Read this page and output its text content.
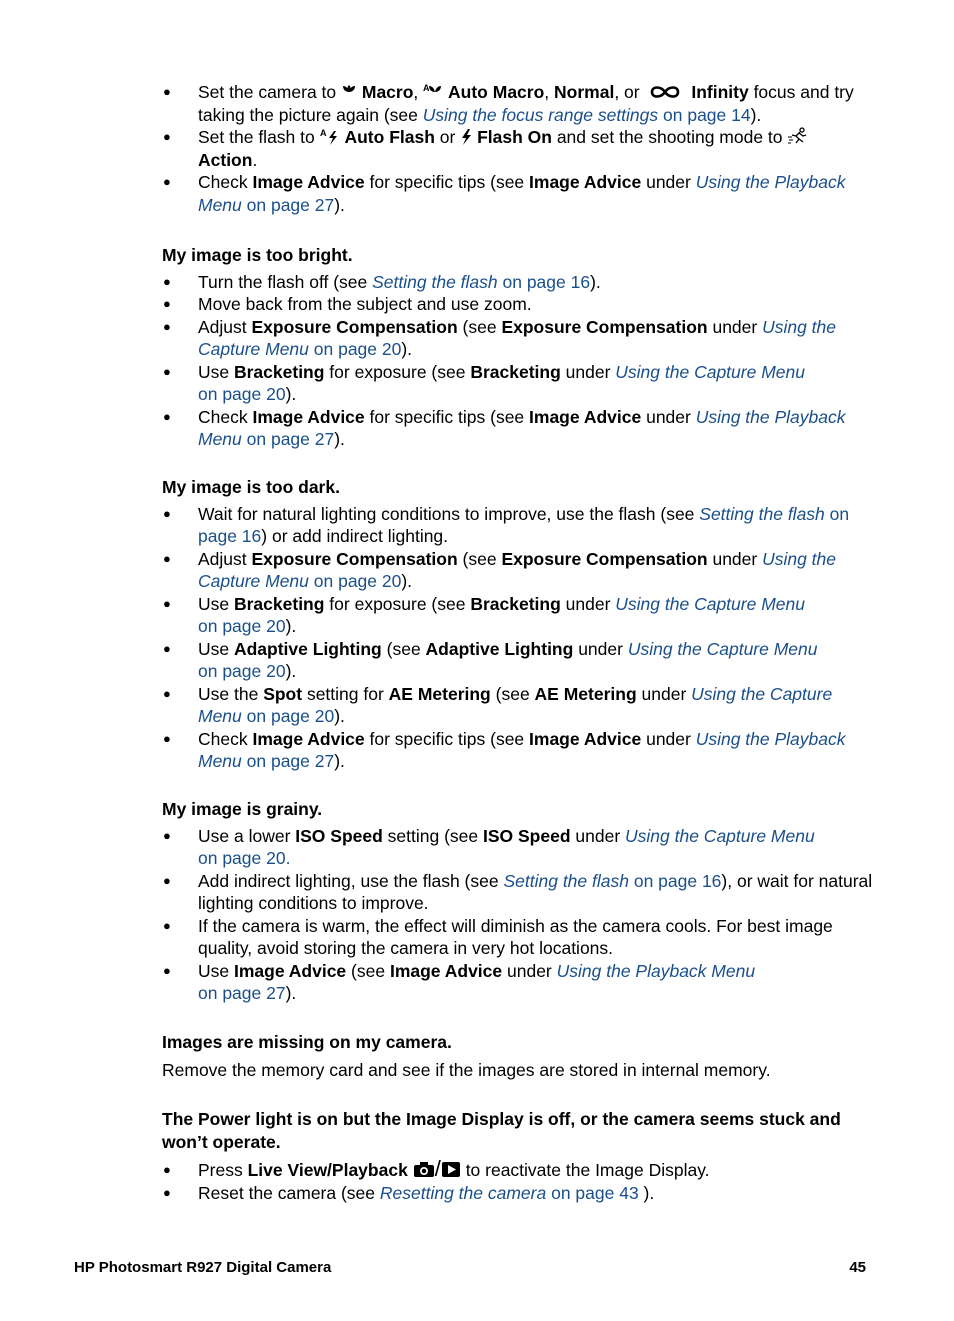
● Set the camera to  Macro, A Auto Macro, Normal, or	Infinity focus and try taking the picture again (see Using the focus range settings on page 14).
● Set the flash to A Auto Flash or  Flash On and set the shooting mode to
Action.
● Check Image Advice for specific tips (see Image Advice under Using the Playback Menu on page 27).
My image is too bright.
● Turn the flash off (see Setting the flash on page 16).
● Move back from the subject and use zoom.
● Adjust Exposure Compensation (see Exposure Compensation under Using the Capture Menu on page 20).
● Use Bracketing for exposure (see Bracketing under Using the Capture Menu
on page 20).
● Check Image Advice for specific tips (see Image Advice under Using the Playback Menu on page 27).
My image is too dark.
● Wait for natural lighting conditions to improve, use the flash (see Setting the flash on page 16) or add indirect lighting.
● Adjust Exposure Compensation (see Exposure Compensation under Using the Capture Menu on page 20).
● Use Bracketing for exposure (see Bracketing under Using the Capture Menu
on page 20).
● Use Adaptive Lighting (see Adaptive Lighting under Using the Capture Menu
on page 20).
● Use the Spot setting for AE Metering (see AE Metering under Using the Capture Menu on page 20).
● Check Image Advice for specific tips (see Image Advice under Using the Playback Menu on page 27).
My image is grainy.
● Use a lower ISO Speed setting (see ISO Speed under Using the Capture Menu
on page 20.
● Add indirect lighting, use the flash (see Setting the flash on page 16), or wait for natural lighting conditions to improve.
● If the camera is warm, the effect will diminish as the camera cools. For best image quality, avoid storing the camera in very hot locations.
● Use Image Advice (see Image Advice under Using the Playback Menu
on page 27).
Images are missing on my camera.

Remove the memory card and see if the images are stored in internal memory.

The Power light is on but the Image Display is off, or the camera seems stuck and won’t operate.
● Press Live View/Playback / to reactivate the Image Display.
● Reset the camera (see Resetting the camera on page 43 ).
HP Photosmart R927 Digital Camera	45
